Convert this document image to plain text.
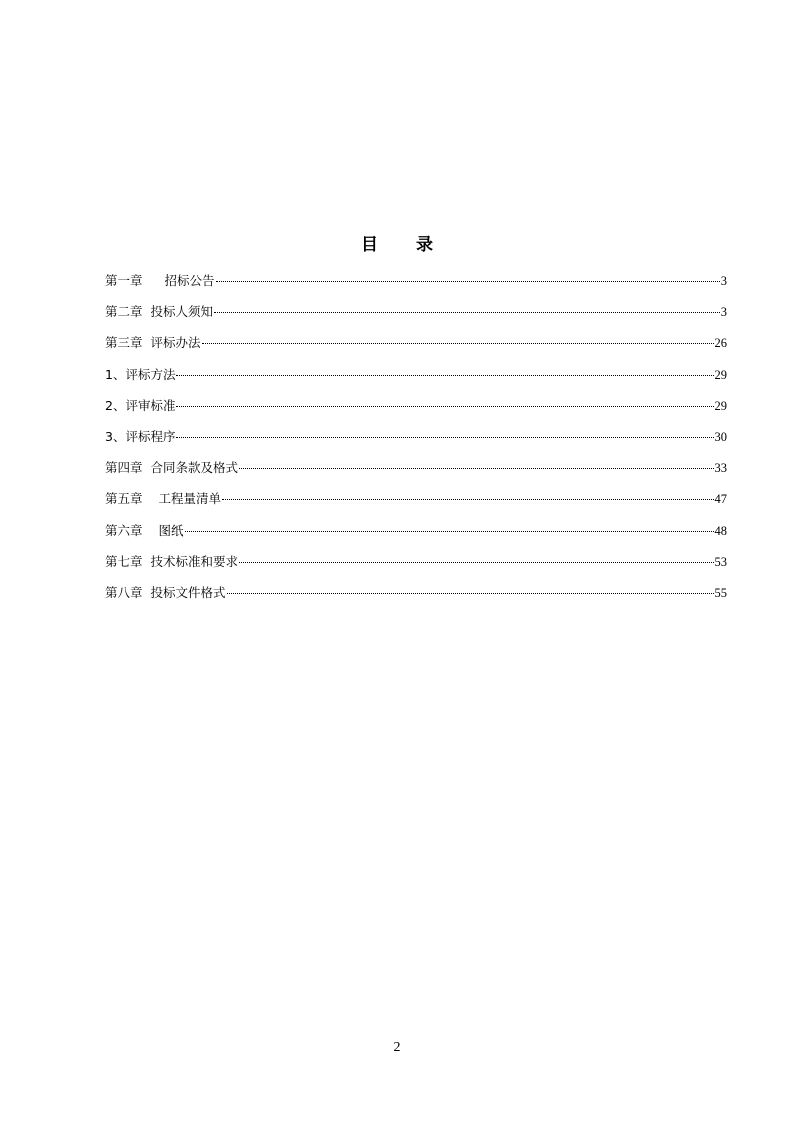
目 录
第一章 招标公告	3
第二章 投标人须知	3
第三章 评标办法	26
1、评标方法	29
2、评审标准	29
3、评标程序	30
第四章 合同条款及格式	33
第五章 工程量清单	47
第六章 图纸	48
第七章 技术标准和要求	53
第八章 投标文件格式	55
2
